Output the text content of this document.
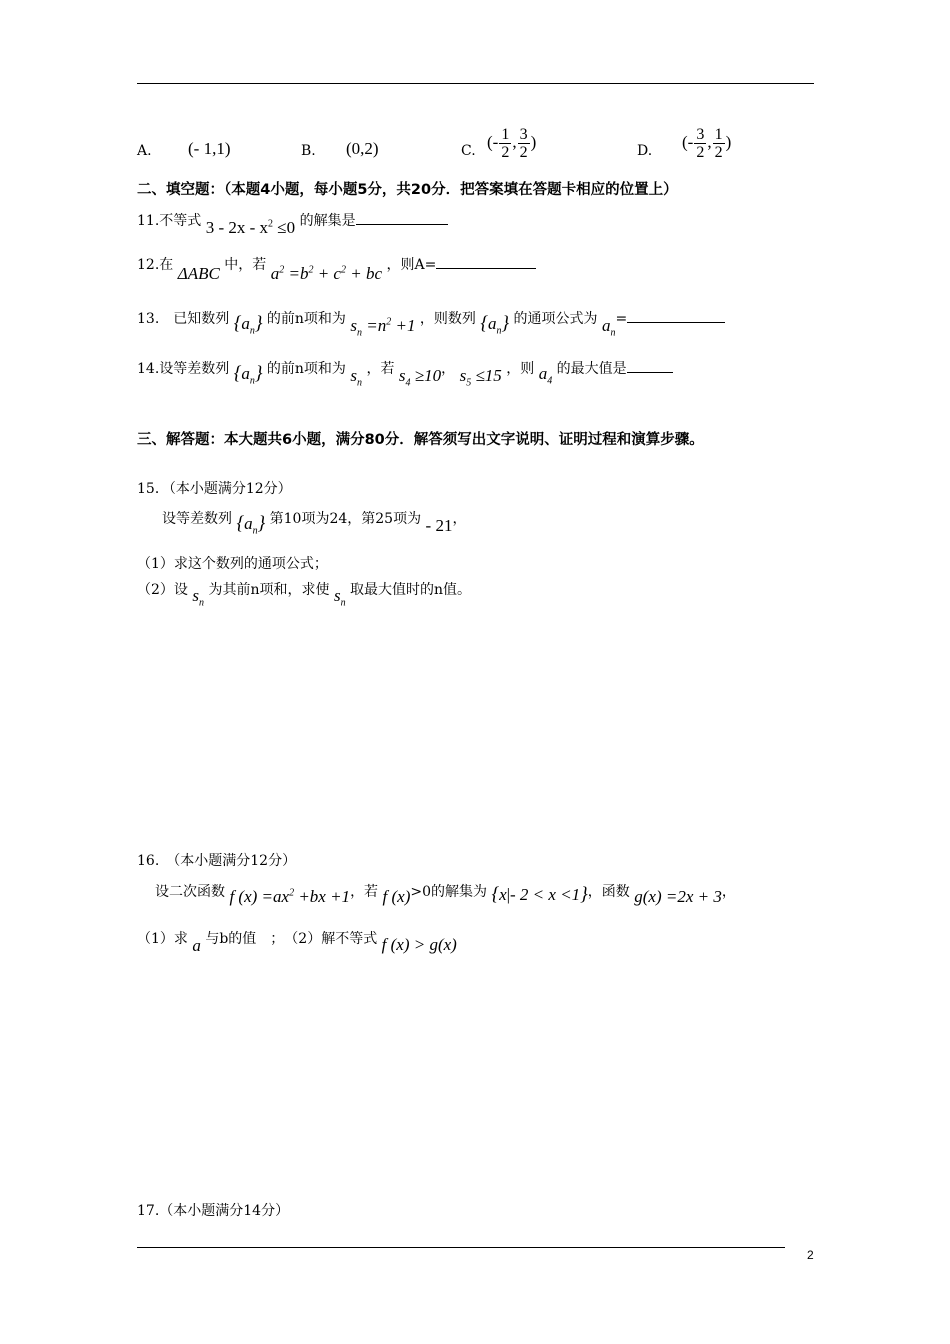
A. (- 1,1)	B. (0,2)	C. (- $\frac{1}{2}$ , $\frac{3}{2}$ )	D. (- $\frac{3}{2}$ , $\frac{1}{2}$ )
二、填空题：（本题4小题，每小题5分，共20分．把答案填在答题卡相应的位置上）
11.不等式 $3 - 2x - x^2 \le 0$ 的解集是
12.在 ΔABC 中，若 $a^2 =b^2 + c^2$ + bc ，则A=
13.　已知数列 $\{a_n\}$ 的前n项和为 $s_n =n^2 +1$ ，则数列 $\{a_n\}$ 的通项公式为 $a_n=$
14.设等差数列 $\{a_n\}$ 的前n项和为 $s_n$ ，若 $s_4 \ge 10$， $s_5 \le 15$ ，则 $a_4$ 的最大值是
三、解答题：本大题共6小题，满分80分．解答须写出文字说明、证明过程和演算步骤。
15．（本小题满分12分）
设等差数列 $\{a_n\}$ 第10项为24，第25项为 - 21，
（1）求这个数列的通项公式；
（2）设 $s_n$ 为其前n项和，求使 $s_n$ 取最大值时的n值。
16.　（本小题满分12分）
设二次函数 f $(x) =ax^2 +bx +1$，若 f (x)>0的解集为 {x|- 2 < x <1}，函数 g(x) =2x + 3，
（1）求 a 与b的值　；　（2）解不等式 f (x) > g(x)
17.（本小题满分14分）
2
